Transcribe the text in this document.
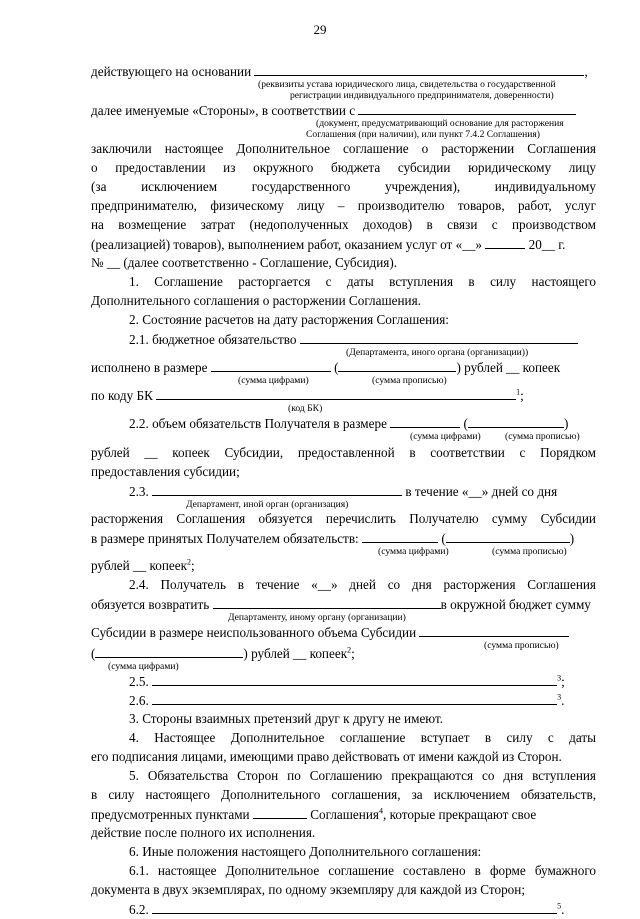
29
действующего на основании	,
(реквизиты устава юридического лица, свидетельства о государственной
регистрации индивидуального предпринимателя, доверенности)
далее именуемые «Стороны», в соответствии с
(документ, предусматривающий основание для расторжения
Соглашения (при наличии), или пункт 7.4.2 Соглашения)
заключили настоящее Дополнительное соглашение о расторжении Соглашения
о предоставлении из окружного бюджета субсидии юридическому лицу
(за исключением государственного учреждения), индивидуальному
предпринимателю, физическому лицу – производителю товаров, работ, услуг
на возмещение затрат (недополученных доходов) в связи с производством
(реализацией) товаров), выполнением работ, оказанием услуг от «__»	20__ г.
№ __ (далее соответственно - Соглашение, Субсидия).
1. Соглашение расторгается с даты вступления в силу настоящего
Дополнительного соглашения о расторжении Соглашения.
2. Состояние расчетов на дату расторжения Соглашения:
2.1. бюджетное обязательство
(Департамента, иного органа (организации))
исполнено в размере	(	) рублей __ копеек
(сумма цифрами)	(сумма прописью)
по коду БК	$^1$;
(код БК)
2.2. объем обязательств Получателя в размере	(	)
(сумма цифрами)	(сумма прописью)
рублей __ копеек Субсидии, предоставленной в соответствии с Порядком
предоставления субсидии;
2.3.	в течение «__» дней со дня
Департамент, иной орган (организация)
расторжения Соглашения обязуется перечислить Получателю сумму Субсидии
в размере принятых Получателем обязательств:	(	)
(сумма цифрами)	(сумма прописью)
рублей __ копеек$^2$;
2.4. Получатель в течение «__» дней со дня расторжения Соглашения
обязуется возвратить	в окружной бюджет сумму
Департаменту, иному органу (организации)
Субсидии в размере неиспользованного объема Субсидии
(сумма прописью)
(	) рублей __ копеек$^2$;
(сумма цифрами)
2.5.	$^3$;
2.6.	$^3$.
3. Стороны взаимных претензий друг к другу не имеют.
4. Настоящее Дополнительное соглашение вступает в силу с даты
его подписания лицами, имеющими право действовать от имени каждой из Сторон.
5. Обязательства Сторон по Соглашению прекращаются со дня вступления
в силу настоящего Дополнительного соглашения, за исключением обязательств,
предусмотренных пунктами	Соглашения$^4$, которые прекращают свое
действие после полного их исполнения.
6. Иные положения настоящего Дополнительного соглашения:
6.1. настоящее Дополнительное соглашение составлено в форме бумажного
документа в двух экземплярах, по одному экземпляру для каждой из Сторон;
6.2.	$^5$.
